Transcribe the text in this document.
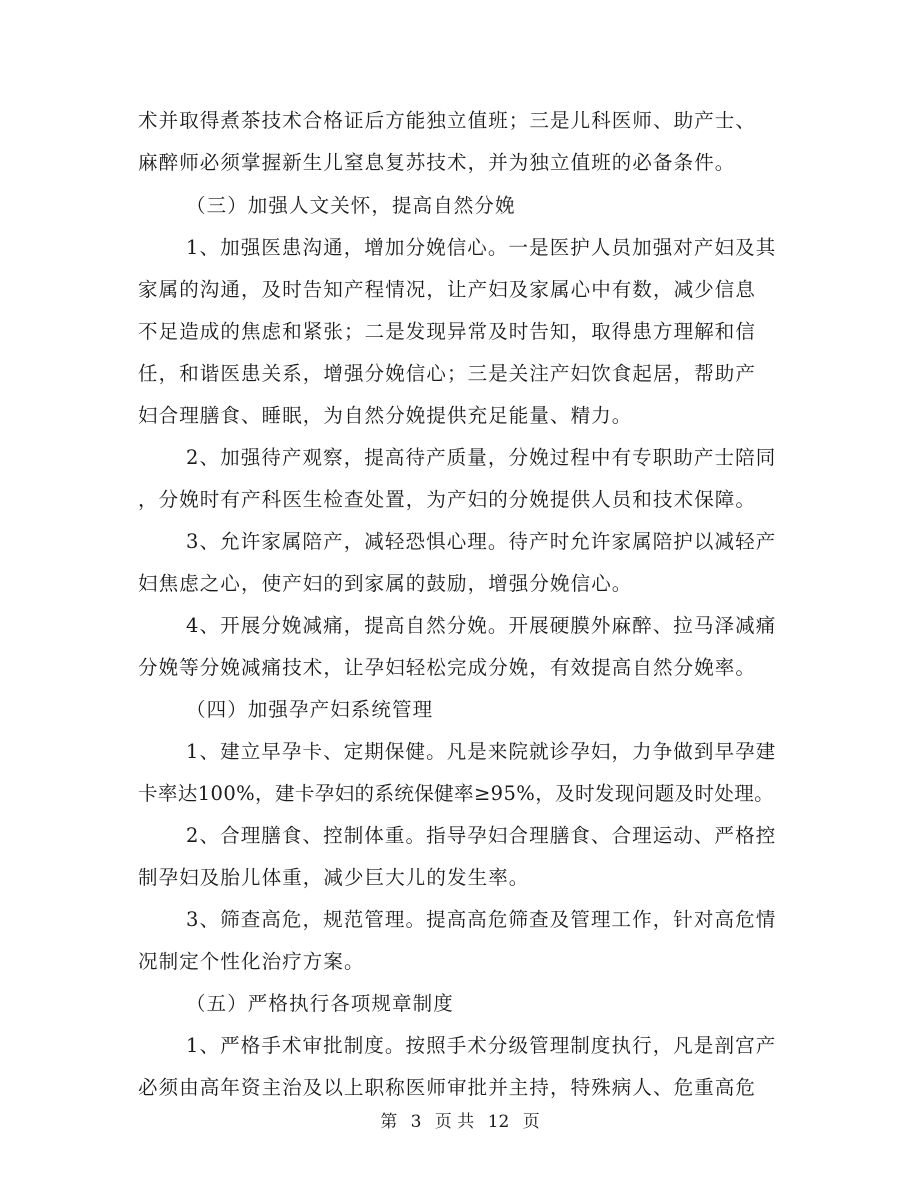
术并取得煮茶技术合格证后方能独立值班；三是儿科医师、助产士、
麻醉师必须掌握新生儿窒息复苏技术，并为独立值班的必备条件。
（三）加强人文关怀，提高自然分娩
1、加强医患沟通，增加分娩信心。一是医护人员加强对产妇及其
家属的沟通，及时告知产程情况，让产妇及家属心中有数，减少信息
不足造成的焦虑和紧张；二是发现异常及时告知，取得患方理解和信
任，和谐医患关系，增强分娩信心；三是关注产妇饮食起居，帮助产
妇合理膳食、睡眠，为自然分娩提供充足能量、精力。
2、加强待产观察，提高待产质量，分娩过程中有专职助产士陪同
，分娩时有产科医生检查处置，为产妇的分娩提供人员和技术保障。
3、允许家属陪产，减轻恐惧心理。待产时允许家属陪护以减轻产
妇焦虑之心，使产妇的到家属的鼓励，增强分娩信心。
4、开展分娩减痛，提高自然分娩。开展硬膜外麻醉、拉马泽减痛
分娩等分娩减痛技术，让孕妇轻松完成分娩，有效提高自然分娩率。
（四）加强孕产妇系统管理
1、建立早孕卡、定期保健。凡是来院就诊孕妇，力争做到早孕建
卡率达100%，建卡孕妇的系统保健率≥95%，及时发现问题及时处理。
2、合理膳食、控制体重。指导孕妇合理膳食、合理运动、严格控
制孕妇及胎儿体重，减少巨大儿的发生率。
3、筛查高危，规范管理。提高高危筛查及管理工作，针对高危情
况制定个性化治疗方案。
（五）严格执行各项规章制度
1、严格手术审批制度。按照手术分级管理制度执行，凡是剖宫产
必须由高年资主治及以上职称医师审批并主持，特殊病人、危重高危
第 3 页 共 12 页
